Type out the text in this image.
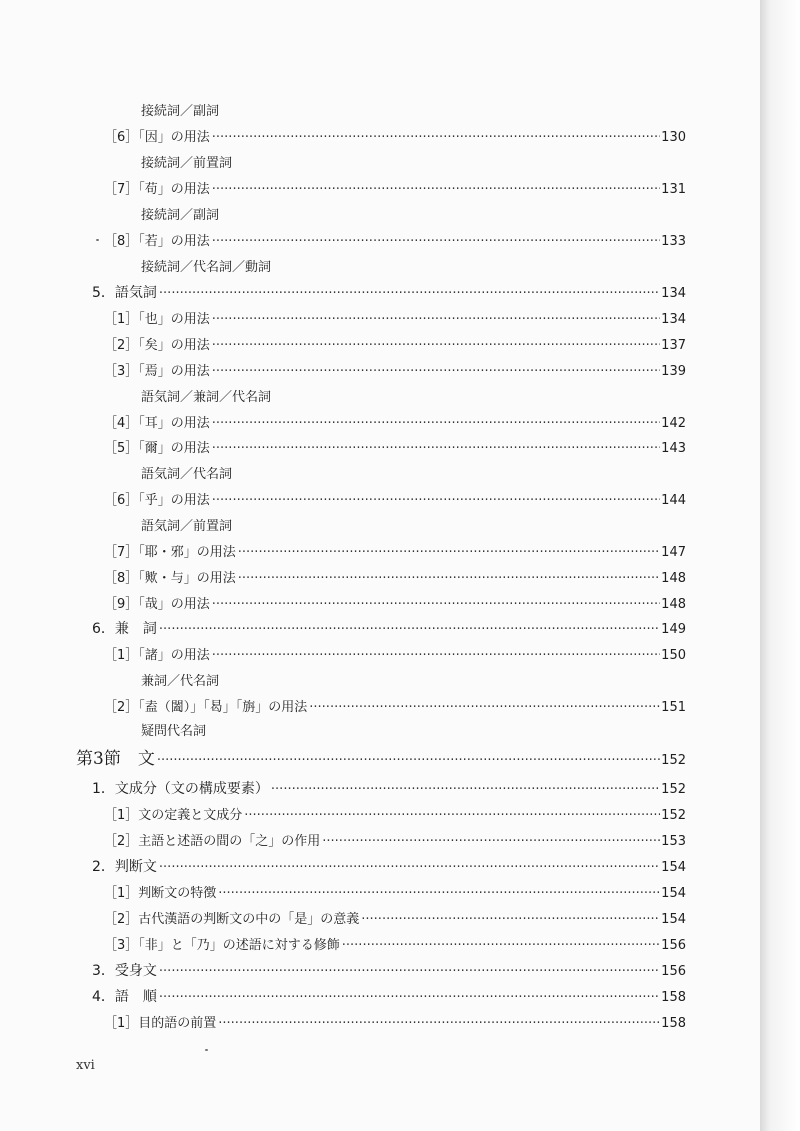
接続詞／副詞
［6］「因」の用法 ·····	130
接続詞／前置詞
［7］「苟」の用法 ·····	131
接続詞／副詞
［8］「若」の用法 ·····	133
接続詞／代名詞／動詞
5．語気詞 ·····	134
［1］「也」の用法 ·····	134
［2］「矣」の用法 ·····	137
［3］「焉」の用法 ·····	139
語気詞／兼詞／代名詞
［4］「耳」の用法 ·····	142
［5］「爾」の用法 ·····	143
語気詞／代名詞
［6］「乎」の用法 ·····	144
語気詞／前置詞
［7］「耶・邪」の用法 ·····	147
［8］「歟・与」の用法 ·····	148
［9］「哉」の用法 ·····	148
6．兼　詞 ·····	149
［1］「諸」の用法 ·····	150
兼詞／代名詞
［2］「盍（闔）」「曷」「旃」の用法 ·····	151
疑問代名詞
第3節　文 ·····	152
1．文成分（文の構成要素） ·····	152
［1］文の定義と文成分 ·····	152
［2］主語と述語の間の「之」の作用 ·····	153
2．判断文 ·····	154
［1］判断文の特徴 ·····	154
［2］古代漢語の判断文の中の「是」の意義 ·····	154
［3］「非」と「乃」の述語に対する修飾 ·····	156
3．受身文 ·····	156
4．語　順 ·····	158
［1］目的語の前置 ·····	158
xvi
